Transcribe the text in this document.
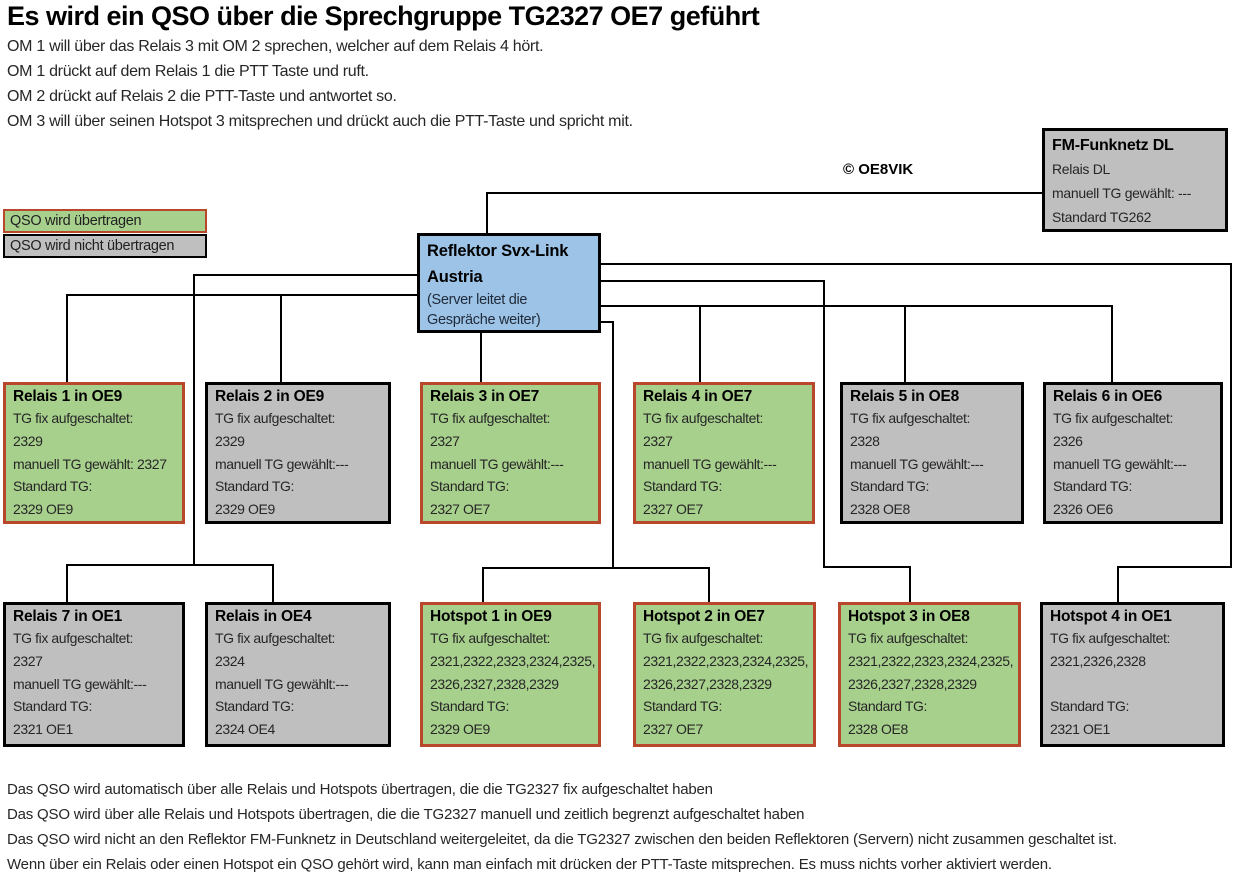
Es wird ein QSO über die Sprechgruppe TG2327 OE7 geführt
OM 1 will über das Relais 3 mit OM 2 sprechen, welcher auf dem Relais 4 hört.
OM 1 drückt auf dem Relais 1 die PTT Taste und ruft.
OM 2 drückt auf Relais 2 die PTT-Taste und antwortet so.
OM 3 will über seinen Hotspot 3 mitsprechen und drückt auch die PTT-Taste und spricht mit.
© OE8VIK
QSO wird übertragen
QSO wird nicht übertragen
FM-Funknetz DL
Relais DL
manuell TG gewählt: ---
Standard TG262
Reflektor Svx-Link
Austria
(Server leitet die
Gespräche weiter)
Relais 1 in OE9
TG fix aufgeschaltet:
2329
manuell TG gewählt: 2327
Standard TG:
2329 OE9
Relais 2 in OE9
TG fix aufgeschaltet:
2329
manuell TG gewählt:---
Standard TG:
2329 OE9
Relais 3 in OE7
TG fix aufgeschaltet:
2327
manuell TG gewählt:---
Standard TG:
2327 OE7
Relais 4 in OE7
TG fix aufgeschaltet:
2327
manuell TG gewählt:---
Standard TG:
2327 OE7
Relais 5 in OE8
TG fix aufgeschaltet:
2328
manuell TG gewählt:---
Standard TG:
2328 OE8
Relais 6 in OE6
TG fix aufgeschaltet:
2326
manuell TG gewählt:---
Standard TG:
2326 OE6
Relais 7 in OE1
TG fix aufgeschaltet:
2327
manuell TG gewählt:---
Standard TG:
2321 OE1
Relais in OE4
TG fix aufgeschaltet:
2324
manuell TG gewählt:---
Standard TG:
2324 OE4
Hotspot 1 in OE9
TG fix aufgeschaltet:
2321,2322,2323,2324,2325,
2326,2327,2328,2329
Standard TG:
2329 OE9
Hotspot 2 in OE7
TG fix aufgeschaltet:
2321,2322,2323,2324,2325,
2326,2327,2328,2329
Standard TG:
2327 OE7
Hotspot 3 in OE8
TG fix aufgeschaltet:
2321,2322,2323,2324,2325,
2326,2327,2328,2329
Standard TG:
2328 OE8
Hotspot 4 in OE1
TG fix aufgeschaltet:
2321,2326,2328
Standard TG:
2321 OE1
Das QSO wird automatisch über alle Relais und Hotspots übertragen, die die TG2327 fix aufgeschaltet haben
Das QSO wird über alle Relais und Hotspots übertragen, die die TG2327 manuell und zeitlich begrenzt aufgeschaltet haben
Das QSO wird nicht an den Reflektor FM-Funknetz in Deutschland weitergeleitet, da die TG2327 zwischen den beiden Reflektoren (Servern) nicht zusammen geschaltet ist.
Wenn über ein Relais oder einen Hotspot ein QSO gehört wird, kann man einfach mit drücken der PTT-Taste mitsprechen. Es muss nichts vorher aktiviert werden.
